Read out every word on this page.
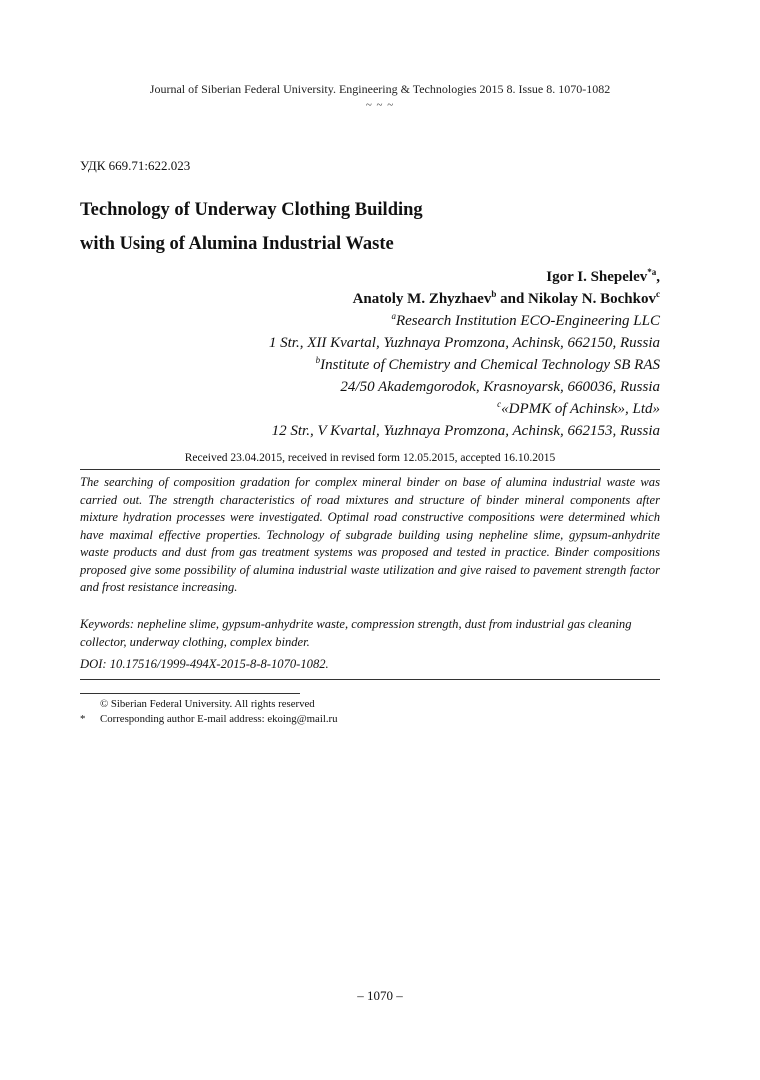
Journal of Siberian Federal University. Engineering & Technologies 2015 8. Issue 8. 1070-1082
~ ~ ~
УДК 669.71:622.023
Technology of Underway Clothing Building
with Using of Alumina Industrial Waste
Igor I. Shepelev$^{*a}$,
Anatoly M. Zhyzhaev$^b$ and Nikolay N. Bochkov$^c$
$^a$Research Institution ECO-Engineering LLC
1 Str., XII Kvartal, Yuzhnaya Promzona, Achinsk, 662150, Russia
$^b$Institute of Chemistry and Chemical Technology SB RAS
24/50 Akademgorodok, Krasnoyarsk, 660036, Russia
$^c$«DPMK of Achinsk», Ltd»
12 Str., V Kvartal, Yuzhnaya Promzona, Achinsk, 662153, Russia
Received 23.04.2015, received in revised form 12.05.2015, accepted 16.10.2015
The searching of composition gradation for complex mineral binder on base of alumina industrial waste was carried out. The strength characteristics of road mixtures and structure of binder mineral components after mixture hydration processes were investigated. Optimal road constructive compositions were determined which have maximal effective properties. Technology of subgrade building using nepheline slime, gypsum-anhydrite waste products and dust from gas treatment systems was proposed and tested in practice. Binder compositions proposed give some possibility of alumina industrial waste utilization and give raised to pavement strength factor and frost resistance increasing.
Keywords: nepheline slime, gypsum-anhydrite waste, compression strength, dust from industrial gas cleaning collector, underway clothing, complex binder.
DOI: 10.17516/1999-494X-2015-8-8-1070-1082.
© Siberian Federal University. All rights reserved
*	Corresponding author E-mail address: ekoing@mail.ru
– 1070 –
